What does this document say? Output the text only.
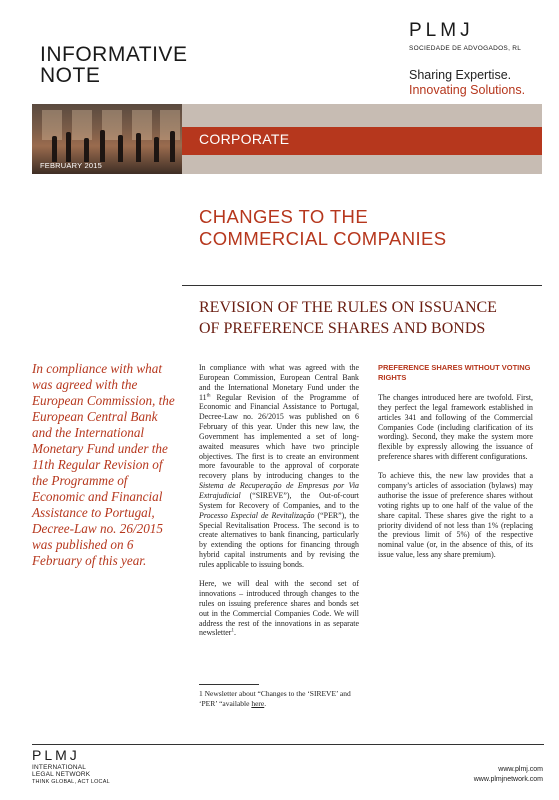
INFORMATIVE
NOTE
PLMJ
SOCIEDADE DE ADVOGADOS, RL
Sharing Expertise.
Innovating Solutions.
FEBRUARY 2015
CORPORATE
CHANGES TO THE
COMMERCIAL COMPANIES
REVISION OF THE RULES ON ISSUANCE
OF PREFERENCE SHARES AND BONDS
In compliance with what was agreed with the European Commission, the European Central Bank and the International Monetary Fund under the 11th Regular Revision of the Programme of Economic and Financial Assistance to Portugal, Decree-Law no. 26/2015 was published on 6 February of this year.

In compliance with what was agreed with the European Commission, European Central Bank and the International Monetary Fund under the 11th Regular Revision of the Programme of Economic and Financial Assistance to Portugal, Decree-Law no. 26/2015 was published on 6 February of this year. Under this new law, the Government has implemented a set of long-awaited measures which have two principle objectives. The first is to create an environment more favourable to the approval of corporate recovery plans by introducing changes to the Sistema de Recuperação de Empresas por Via Extrajudicial (“SIREVE”), the Out-of-court System for Recovery of Companies, and to the Processo Especial de Revitalização (“PER”), the Special Revitalisation Process. The second is to create alternatives to bank financing, particularly by extending the options for financing through hybrid capital instruments and by revising the rules applicable to issuing bonds.

Here, we will deal with the second set of innovations – introduced through changes to the rules on issuing preference shares and bonds set out in the Commercial Companies Code. We will address the rest of the innovations in as separate newsletter$^1$.

1 Newsletter about “Changes to the ‘SIREVE’ and ‘PER’ “available here.
PREFERENCE SHARES WITHOUT VOTING RIGHTS

The changes introduced here are twofold. First, they perfect the legal framework established in articles 341 and following of the Commercial Companies Code (including clarification of its wording). Second, they make the system more flexible by expressly allowing the issuance of preference shares with different configurations.

To achieve this, the new law provides that a company’s articles of association (bylaws) may authorise the issue of preference shares without voting rights up to one half of the value of the share capital. These shares give the right to a priority dividend of not less than 1% (replacing the previous limit of 5%) of the respective nominal value (or, in the absence of this, of its issue value, less any share premium).

PLMJ
INTERNATIONAL
LEGAL NETWORK
THINK GLOBAL, ACT LOCAL
www.plmj.com
www.plmjnetwork.com
